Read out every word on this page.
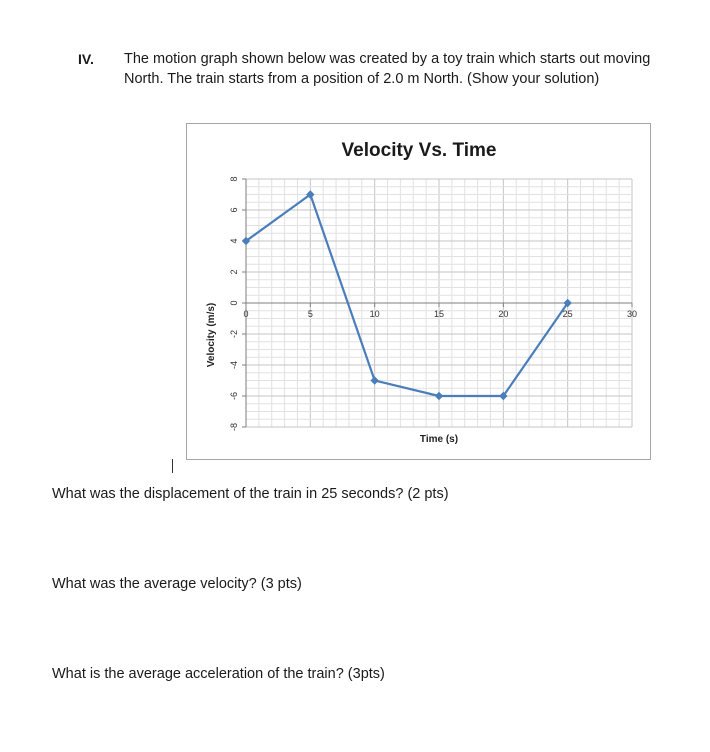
IV. The motion graph shown below was created by a toy train which starts out moving North. The train starts from a position of 2.0 m North. (Show your solution)
Velocity Vs. Time
8
6
4
2
0
-2
-4
-6
-8
0	5	10	15	20	25	30
Time (s)
Velocity (m/s)
What was the displacement of the train in 25 seconds? (2 pts)
What was the average velocity? (3 pts)
What is the average acceleration of the train? (3pts)
